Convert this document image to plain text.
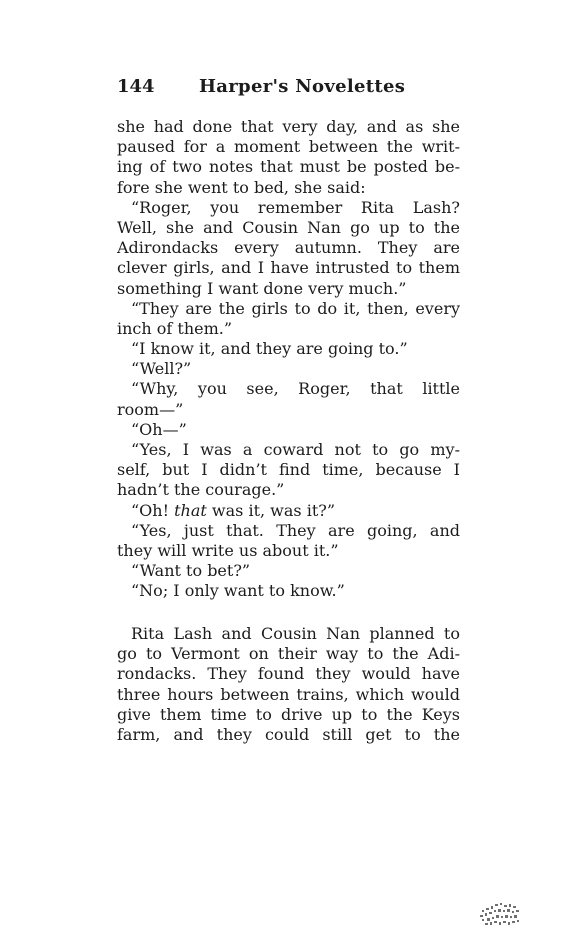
144 Harper's Novelettes
she had done that very day, and as she
paused for a moment between the writ-
ing of two notes that must be posted be-
fore she went to bed, she said:
“Roger, you remember Rita Lash?
Well, she and Cousin Nan go up to the
Adirondacks every autumn. They are
clever girls, and I have intrusted to them
something I want done very much.”
“They are the girls to do it, then, every
inch of them.”
“I know it, and they are going to.”
“Well?”
“Why, you see, Roger, that little
room—”
“Oh—”
“Yes, I was a coward not to go my-
self, but I didn’t find time, because I
hadn’t the courage.”
“Oh! that was it, was it?”
“Yes, just that. They are going, and
they will write us about it.”
“Want to bet?”
“No; I only want to know.”
Rita Lash and Cousin Nan planned to
go to Vermont on their way to the Adi-
rondacks. They found they would have
three hours between trains, which would
give them time to drive up to the Keys
farm, and they could still get to the
